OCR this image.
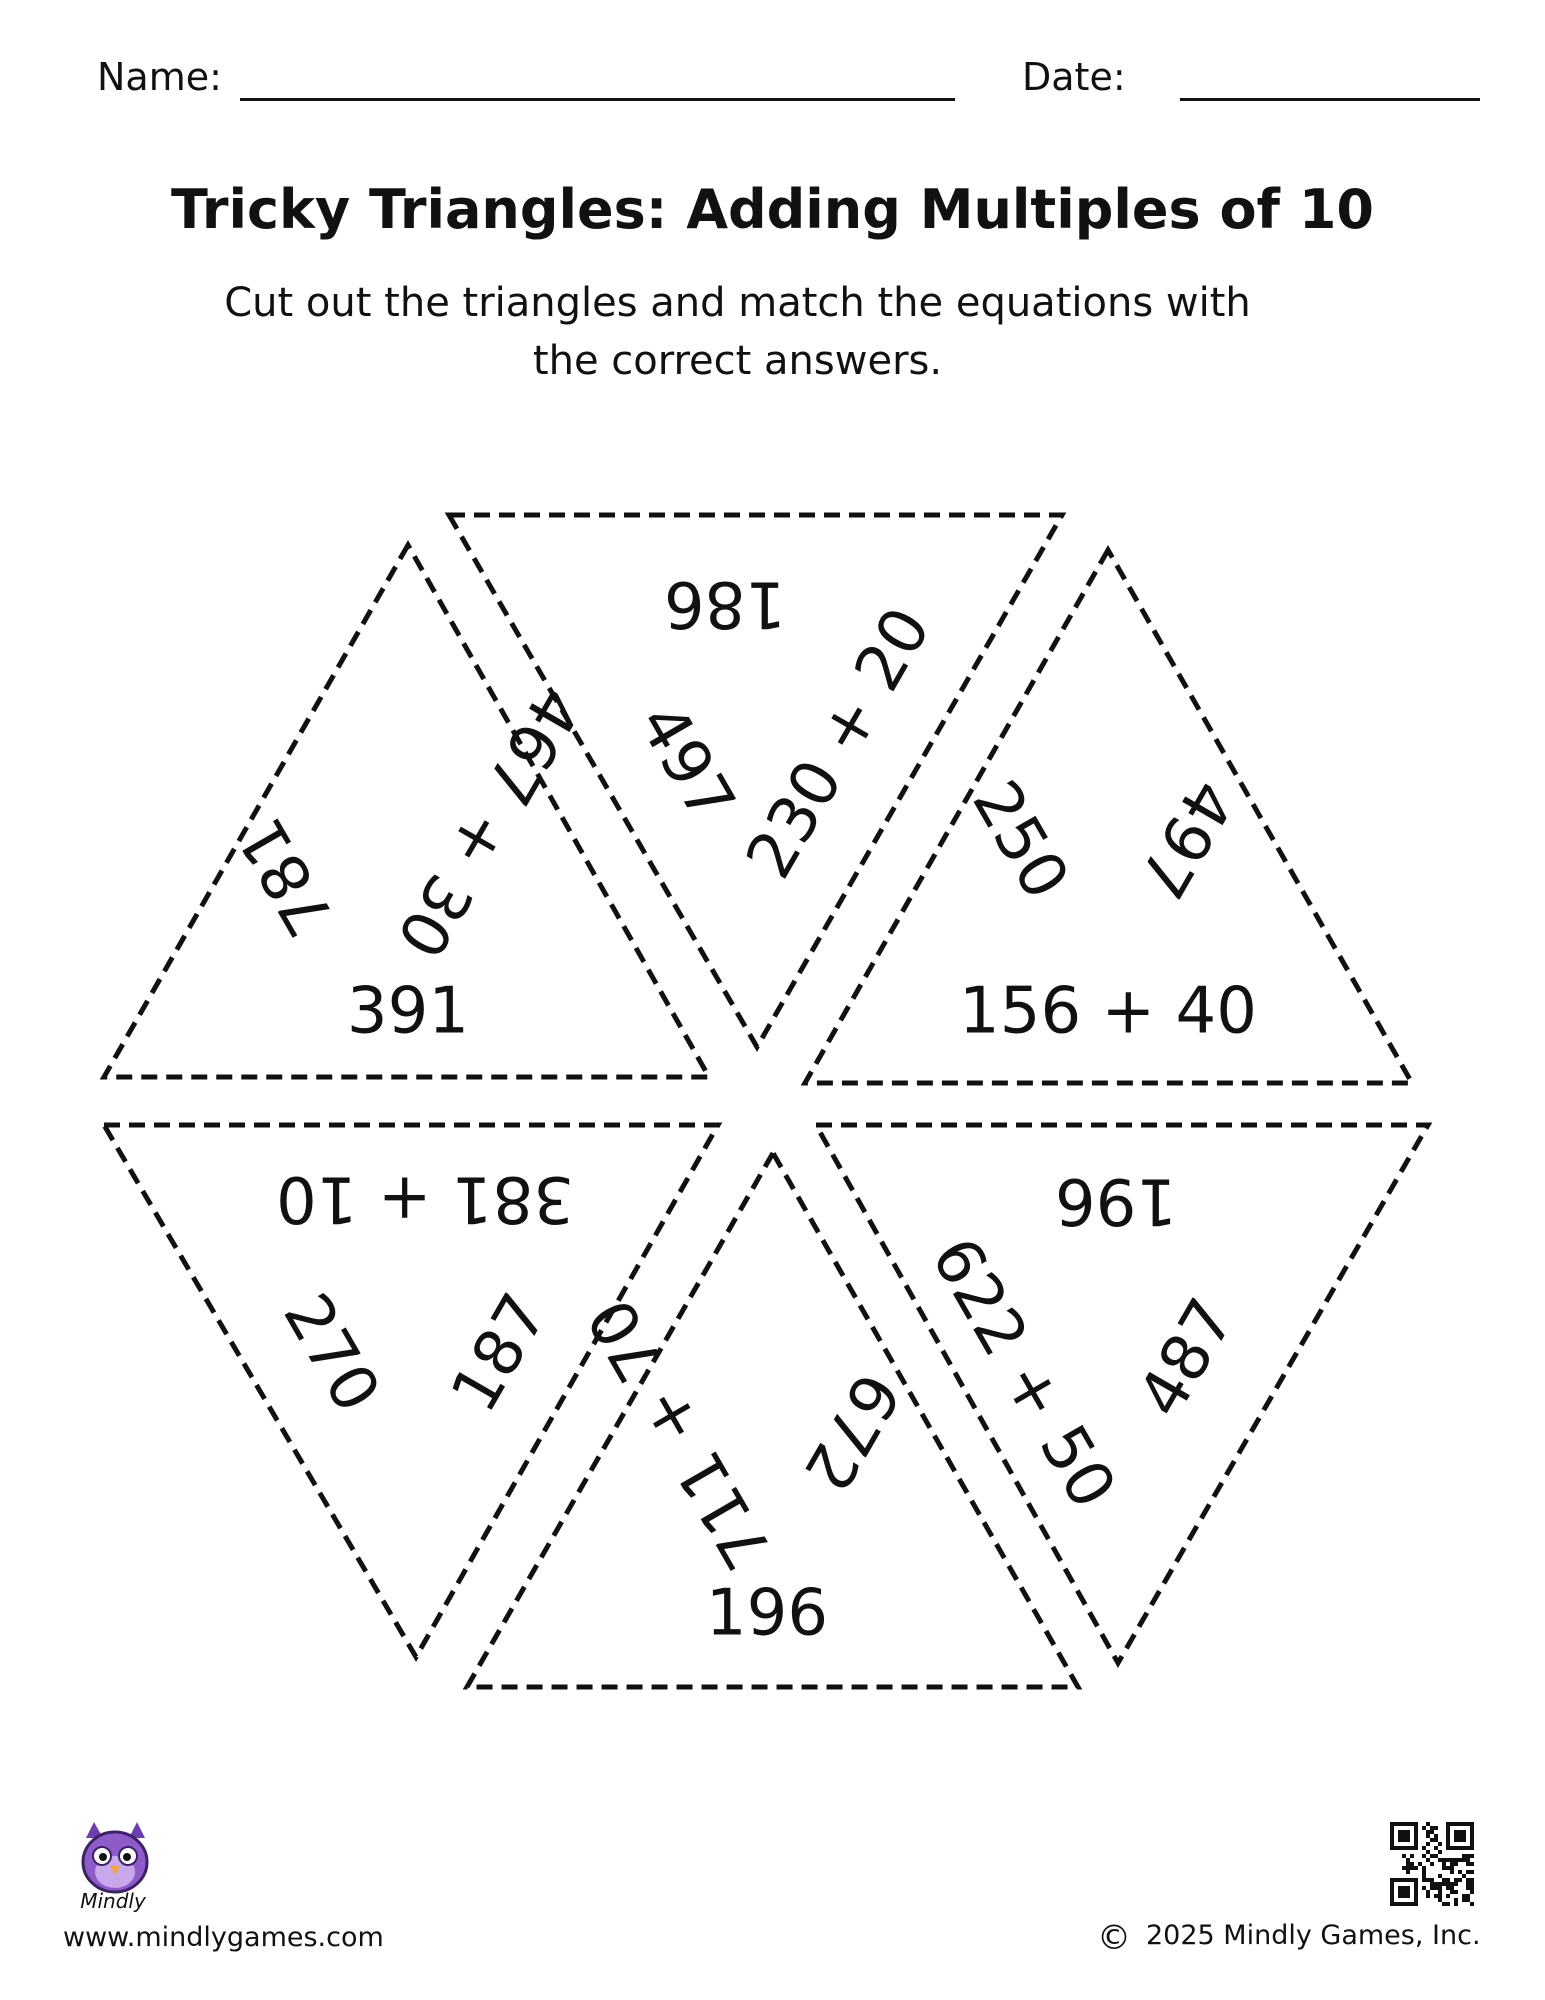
Name:	Date:
Tricky Triangles: Adding Multiples of 10
Cut out the triangles and match the equations with
the correct answers.
781 467 + 30
391
186
497
230 + 20 250 497
156 + 40
381 + 10
270 187 711 + 70 672
196
196
622 + 50
487
Mindly
www.mindlygames.com	© 2025 Mindly Games, Inc.
